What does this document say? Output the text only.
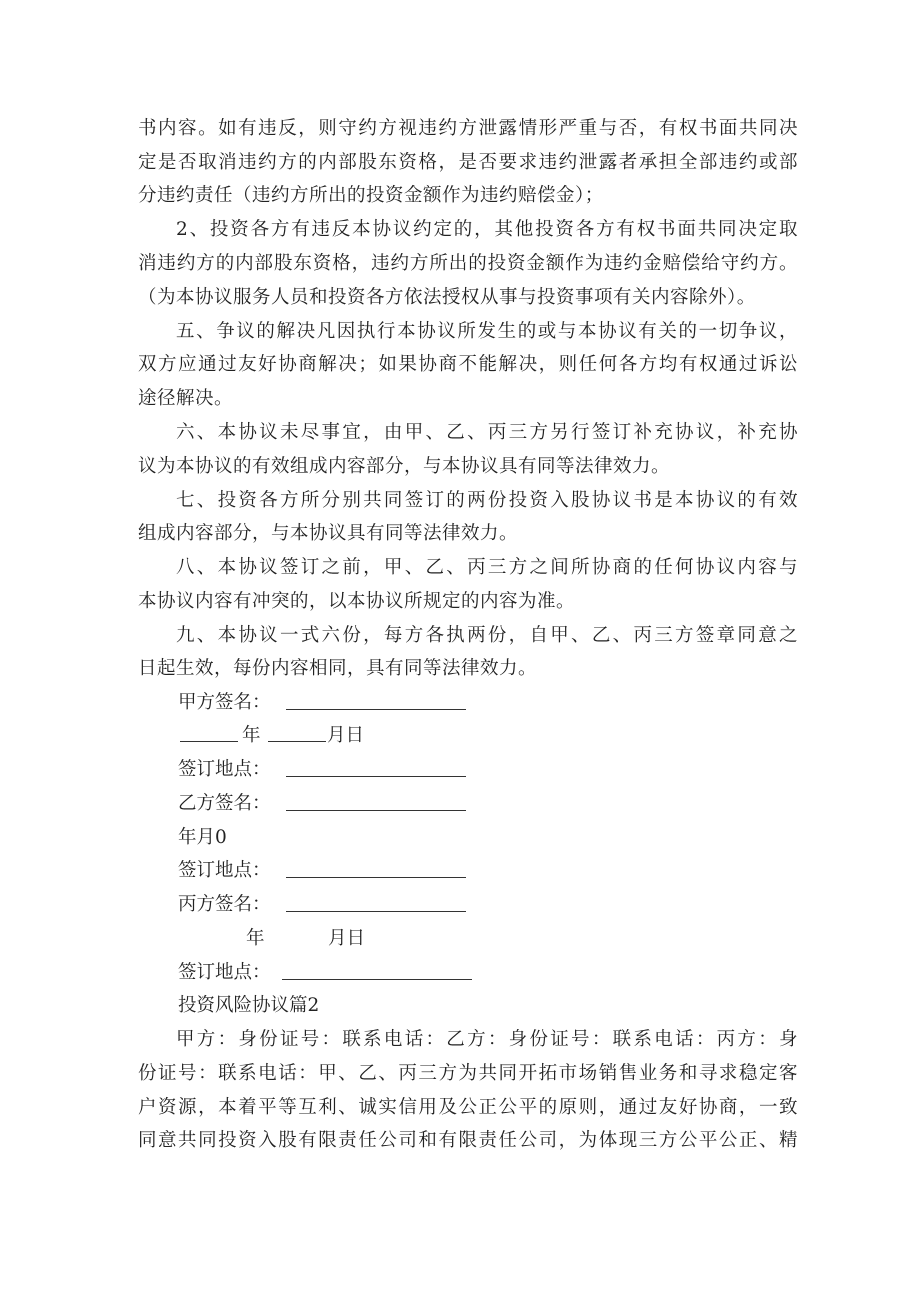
书内容。如有违反，则守约方视违约方泄露情形严重与否，有权书面共同决
定是否取消违约方的内部股东资格，是否要求违约泄露者承担全部违约或部
分违约责任（违约方所出的投资金额作为违约赔偿金）；
2、投资各方有违反本协议约定的，其他投资各方有权书面共同决定取
消违约方的内部股东资格，违约方所出的投资金额作为违约金赔偿给守约方。
（为本协议服务人员和投资各方依法授权从事与投资事项有关内容除外）。
五、争议的解决凡因执行本协议所发生的或与本协议有关的一切争议，
双方应通过友好协商解决；如果协商不能解决，则任何各方均有权通过诉讼
途径解决。
六、本协议未尽事宜，由甲、乙、丙三方另行签订补充协议，补充协
议为本协议的有效组成内容部分，与本协议具有同等法律效力。
七、投资各方所分别共同签订的两份投资入股协议书是本协议的有效
组成内容部分，与本协议具有同等法律效力。
八、本协议签订之前，甲、乙、丙三方之间所协商的任何协议内容与
本协议内容有冲突的，以本协议所规定的内容为准。
九、本协议一式六份，每方各执两份，自甲、乙、丙三方签章同意之
日起生效，每份内容相同，具有同等法律效力。
甲方签名：
年	月日
签订地点：
乙方签名：
年月0
签订地点：
丙方签名：
年	月日
签订地点：
投资风险协议篇2
甲方：身份证号：联系电话：乙方：身份证号：联系电话：丙方：身
份证号：联系电话：甲、乙、丙三方为共同开拓市场销售业务和寻求稳定客
户资源，本着平等互利、诚实信用及公正公平的原则，通过友好协商，一致
同意共同投资入股有限责任公司和有限责任公司，为体现三方公平公正、精
